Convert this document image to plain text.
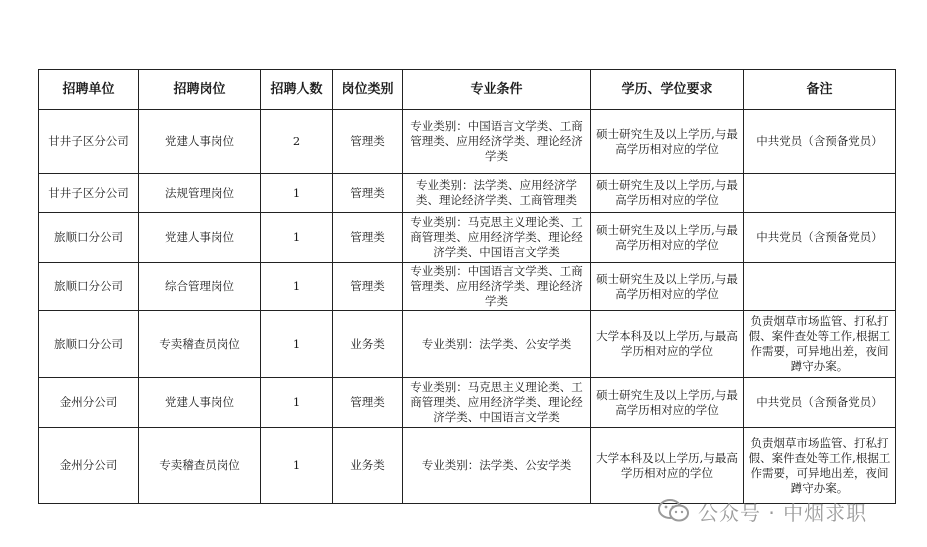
招聘单位	招聘岗位	招聘人数	岗位类别	专业条件	学历、学位要求	备注
甘井子区分公司	党建人事岗位	2	管理类	专业类别：中国语言文学类、工商管理类、应用经济学类、理论经济学类	硕士研究生及以上学历,与最高学历相对应的学位	中共党员（含预备党员）
甘井子区分公司	法规管理岗位	1	管理类	专业类别：法学类、应用经济学类、理论经济学类、工商管理类	硕士研究生及以上学历,与最高学历相对应的学位	
旅顺口分公司	党建人事岗位	1	管理类	专业类别：马克思主义理论类、工商管理类、应用经济学类、理论经济学类、中国语言文学类	硕士研究生及以上学历,与最高学历相对应的学位	中共党员（含预备党员）
旅顺口分公司	综合管理岗位	1	管理类	专业类别：中国语言文学类、工商管理类、应用经济学类、理论经济学类	硕士研究生及以上学历,与最高学历相对应的学位	
旅顺口分公司	专卖稽查员岗位	1	业务类	专业类别：法学类、公安学类	大学本科及以上学历,与最高学历相对应的学位	负责烟草市场监管、打私打假、案件查处等工作,根据工作需要，可异地出差，夜间蹲守办案。
金州分公司	党建人事岗位	1	管理类	专业类别：马克思主义理论类、工商管理类、应用经济学类、理论经济学类、中国语言文学类	硕士研究生及以上学历,与最高学历相对应的学位	中共党员（含预备党员）
金州分公司	专卖稽查员岗位	1	业务类	专业类别：法学类、公安学类	大学本科及以上学历,与最高学历相对应的学位	负责烟草市场监管、打私打假、案件查处等工作,根据工作需要，可异地出差，夜间蹲守办案。
公众号 · 中烟求职
